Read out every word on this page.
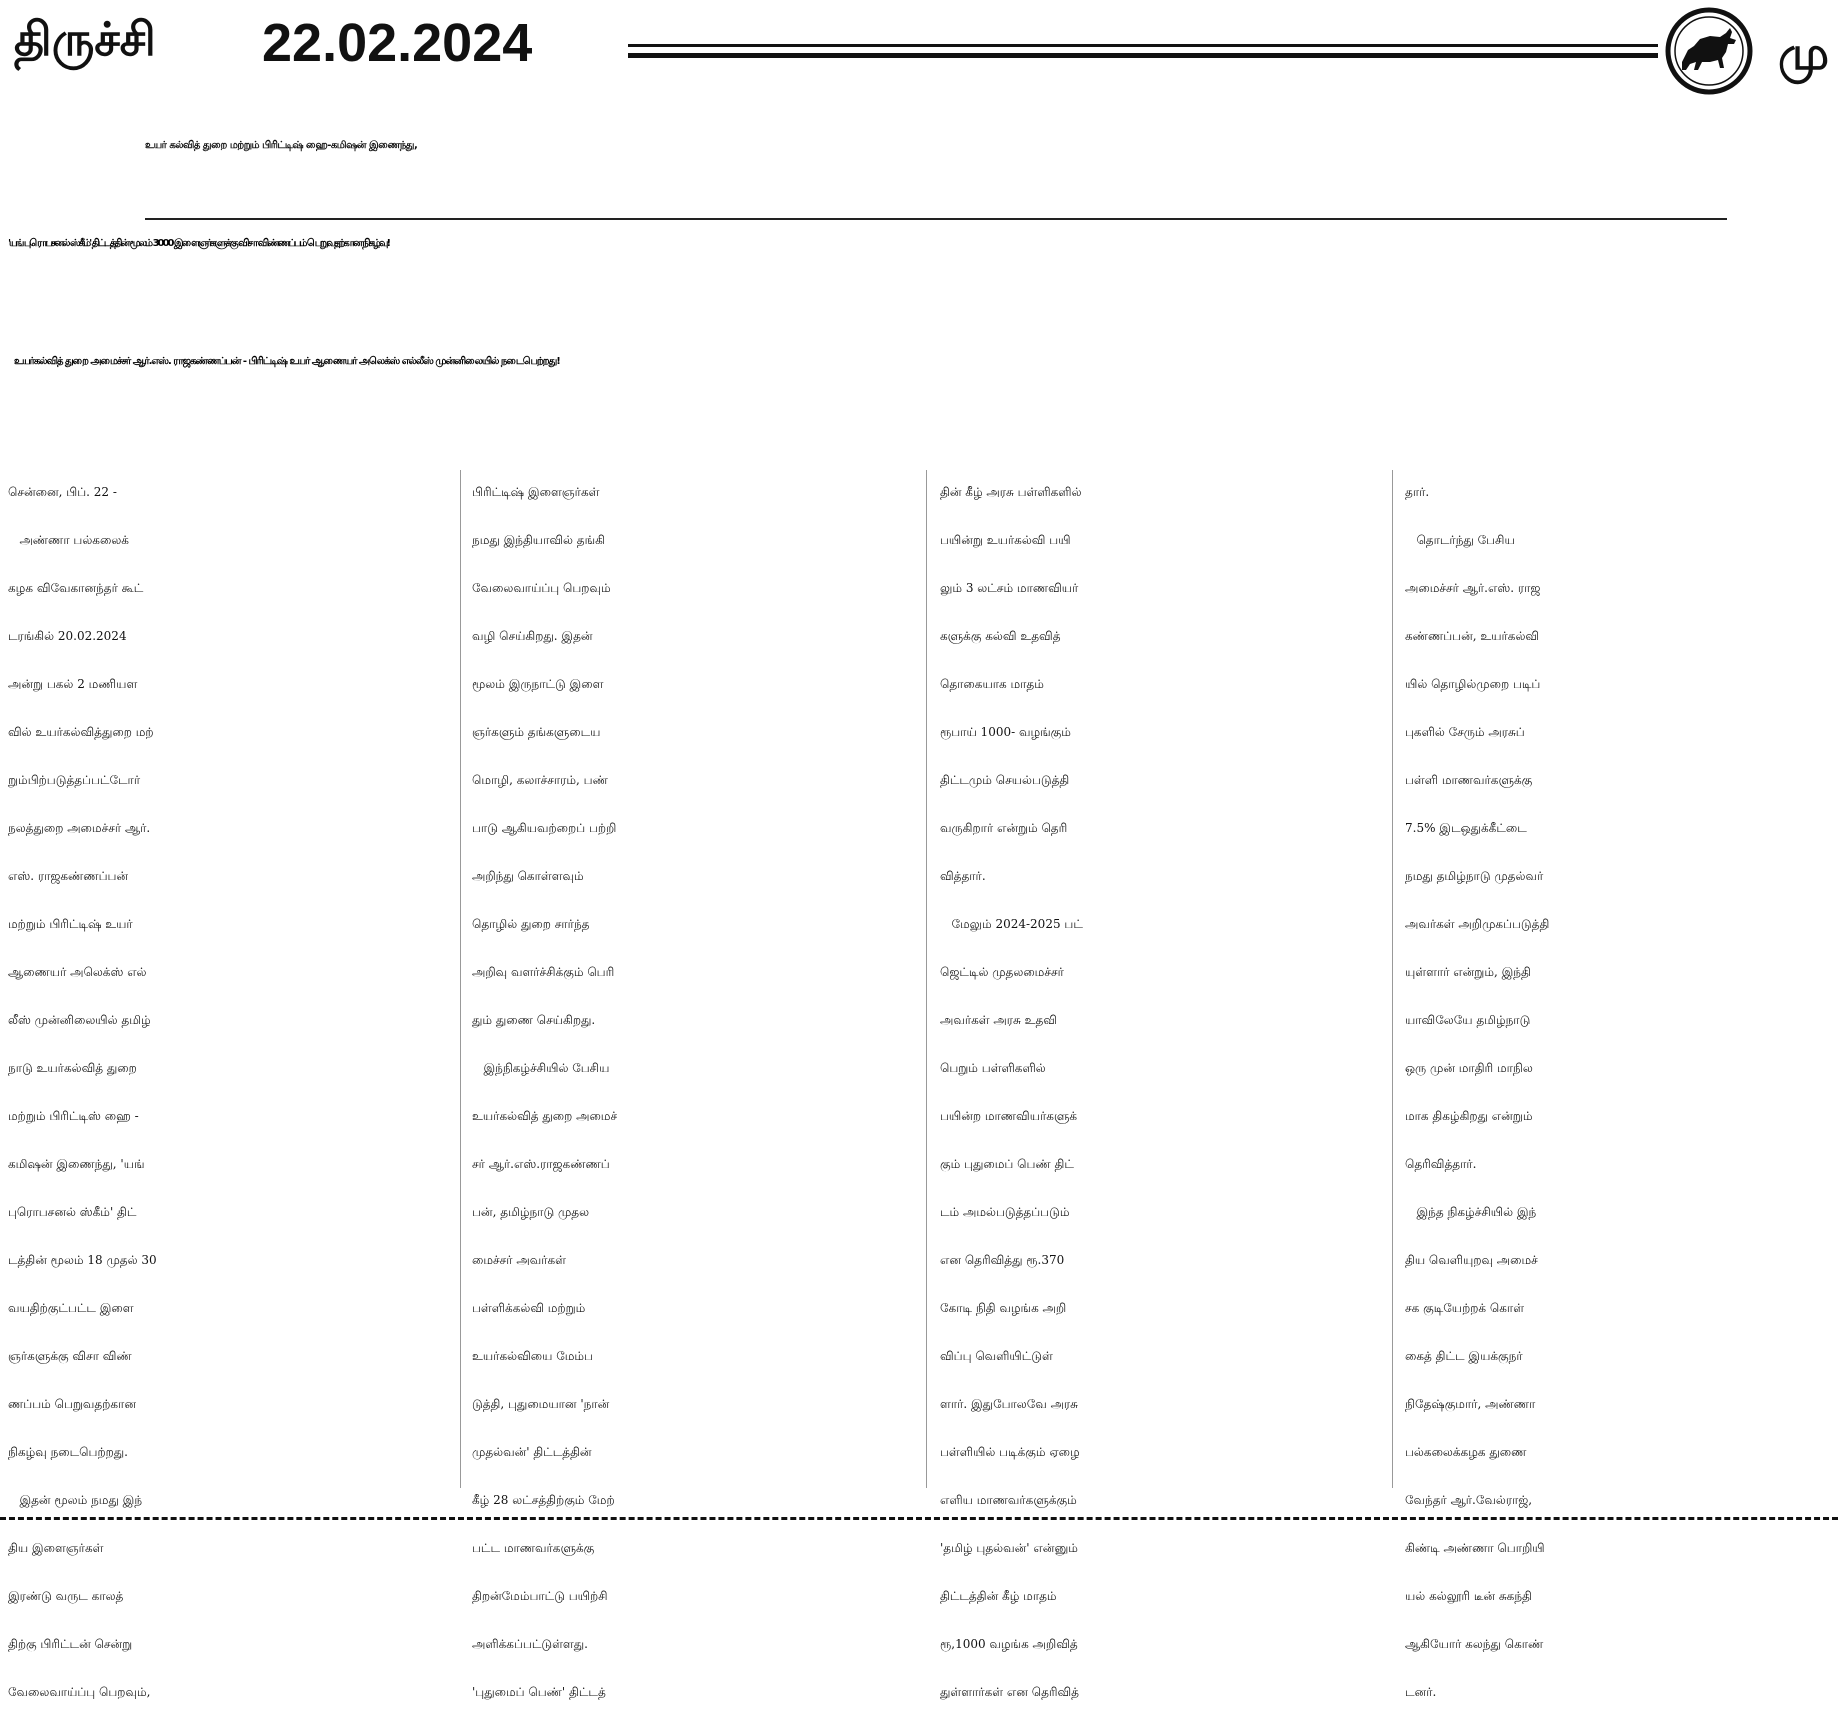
திருச்சி 22.02.2024	மு
உயர் கல்வித் துறை மற்றும் பிரிட்டிஷ் ஹை-கமிஷன் இணைந்து,
'யங் புரொபசனல் ஸ்கீம்' திட்டத்தின் மூலம் 3000 இளைஞர்களுக்கு விசா விண்ணப்பம் பெறுவதற்கான நிகழ்வு!
உயர்கல்வித் துறை அமைச்சர் ஆர்.எஸ். ராஜகண்ணப்பன் - பிரிட்டிஷ் உயர் ஆணையர் அலெக்ஸ் எல்லீஸ் முன்னிலையில் நடைபெற்றது!
சென்னை, பிப். 22 -
அண்ணா பல்கலைக்
கழக விவேகானந்தர் கூட்
டரங்கில் 20.02.2024
அன்று பகல் 2 மணியள
வில் உயர்கல்வித்துறை மற்
றும்பிற்படுத்தப்பட்டோர்
நலத்துறை அமைச்சர் ஆர்.
எஸ். ராஜகண்ணப்பன்
மற்றும் பிரிட்டிஷ் உயர்
ஆணையர் அலெக்ஸ் எல்
லீஸ் முன்னிலையில் தமிழ்
நாடு உயர்கல்வித் துறை
மற்றும் பிரிட்டிஸ் ஹை -
கமிஷன் இணைந்து, 'யங்
புரொபசனல் ஸ்கீம்' திட்
டத்தின் மூலம் 18 முதல் 30
வயதிற்குட்பட்ட இளை
ஞர்களுக்கு விசா விண்
ணப்பம் பெறுவதற்கான
நிகழ்வு நடைபெற்றது.
இதன் மூலம் நமது இந்
திய இளைஞர்கள்
இரண்டு வருட காலத்
திற்கு பிரிட்டன் சென்று
வேலைவாய்ப்பு பெறவும்,
பிரிட்டிஷ் இளைஞர்கள்
நமது இந்தியாவில் தங்கி
வேலைவாய்ப்பு பெறவும்
வழி செய்கிறது. இதன்
மூலம் இருநாட்டு இளை
ஞர்களும் தங்களுடைய
மொழி, கலாச்சாரம், பண்
பாடு ஆகியவற்றைப் பற்றி
அறிந்து கொள்ளவும்
தொழில் துறை சார்ந்த
அறிவு வளர்ச்சிக்கும் பெரி
தும் துணை செய்கிறது.
இந்நிகழ்ச்சியில் பேசிய
உயர்கல்வித் துறை அமைச்
சர் ஆர்.எஸ்.ராஜகண்ணப்
பன், தமிழ்நாடு முதல
மைச்சர் அவர்கள்
பள்ளிக்கல்வி மற்றும்
உயர்கல்வியை மேம்ப
டுத்தி, புதுமையான 'நான்
முதல்வன்' திட்டத்தின்
கீழ் 28 லட்சத்திற்கும் மேற்
பட்ட மாணவர்களுக்கு
திறன்மேம்பாட்டு பயிற்சி
அளிக்கப்பட்டுள்ளது.
'புதுமைப் பெண்' திட்டத்
தின் கீழ் அரசு பள்ளிகளில்
பயின்று உயர்கல்வி பயி
லும் 3 லட்சம் மாணவியர்
களுக்கு கல்வி உதவித்
தொகையாக மாதம்
ரூபாய் 1000- வழங்கும்
திட்டமும் செயல்படுத்தி
வருகிறார் என்றும் தெரி
வித்தார்.
மேலும் 2024-2025 பட்
ஜெட்டில் முதலமைச்சர்
அவர்கள் அரசு உதவி
பெறும் பள்ளிகளில்
பயின்ற மாணவியர்களுக்
கும் புதுமைப் பெண் திட்
டம் அமல்படுத்தப்படும்
என தெரிவித்து ரூ.370
கோடி நிதி வழங்க அறி
விப்பு வெளியிட்டுள்
ளார். இதுபோலவே அரசு
பள்ளியில் படிக்கும் ஏழை
எளிய மாணவர்களுக்கும்
'தமிழ் புதல்வன்' என்னும்
திட்டத்தின் கீழ் மாதம்
ரூ,1000 வழங்க அறிவித்
துள்ளார்கள் என தெரிவித்
தார்.
தொடர்ந்து பேசிய
அமைச்சர் ஆர்.எஸ். ராஜ
கண்ணப்பன், உயர்கல்வி
யில் தொழில்முறை படிப்
புகளில் சேரும் அரசுப்
பள்ளி மாணவர்களுக்கு
7.5% இடஒதுக்கீட்டை
நமது தமிழ்நாடு முதல்வர்
அவர்கள் அறிமுகப்படுத்தி
யுள்ளார் என்றும், இந்தி
யாவிலேயே தமிழ்நாடு
ஒரு முன் மாதிரி மாநில
மாக திகழ்கிறது என்றும்
தெரிவித்தார்.
இந்த நிகழ்ச்சியில் இந்
திய வெளியுறவு அமைச்
சக குடியேற்றக் கொள்
கைத் திட்ட இயக்குநர்
நிதேஷ்குமார், அண்ணா
பல்கலைக்கழக துணை
வேந்தர் ஆர்.வேல்ராஜ்,
கிண்டி அண்ணா பொறியி
யல் கல்லூரி டீன் சுகந்தி
ஆகியோர் கலந்து கொண்
டனர்.
